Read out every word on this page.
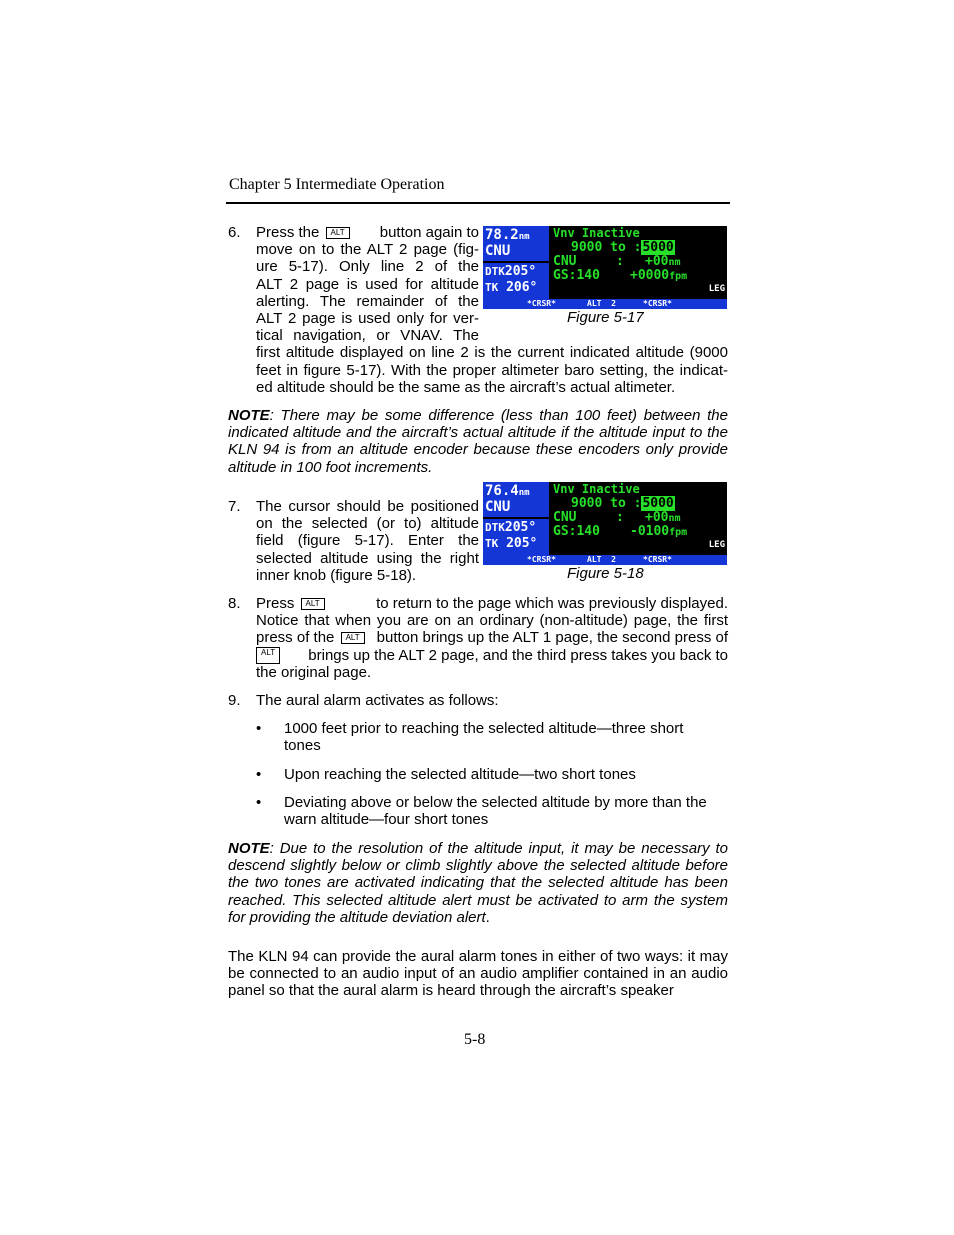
Chapter 5 Intermediate Operation
6. Press the ALT	button again to
move on to the ALT 2 page (fig-
ure 5-17). Only line 2 of the
ALT 2 page is used for altitude
alerting. The remainder of the
ALT 2 page is used only for ver-
tical navigation, or VNAV. The
first altitude displayed on line 2 is the current indicated altitude (9000
feet in figure 5-17). With the proper altimeter baro setting, the indicat-
ed altitude should be the same as the aircraft’s actual altimeter.
78.2nm
CNU
DTK205°
TK 206°
Vnv Inactive
9000 to :5000
CNU	: +00nm
GS:140 +0000fpm
LEG
*CRSR*	ALT  2	*CRSR*
Figure 5-17
NOTE: There may be some difference (less than 100 feet) between the indicated altitude and the aircraft’s actual altitude if the altitude input to the KLN 94 is from an altitude encoder because these encoders only provide altitude in 100 foot increments.
76.4nm
CNU
DTK205°
TK 205°
Vnv Inactive
9000 to :5000
CNU	: +00nm
GS:140 -0100fpm
LEG
*CRSR*	ALT  2	*CRSR*
Figure 5-18
7. The cursor should be positioned
on the selected (or to) altitude
field (figure 5-17). Enter the
selected altitude using the right
inner knob (figure 5-18).
8. Press ALT	to return to the page which was previously displayed.
Notice that when you are on an ordinary (non-altitude) page, the first
press of the ALT	button brings up the ALT 1 page, the second press of
ALT	brings up the ALT 2 page, and the third press takes you back to
the original page.
9. The aural alarm activates as follows:
• 1000 feet prior to reaching the selected altitude—three short
tones
• Upon reaching the selected altitude—two short tones
• Deviating above or below the selected altitude by more than the
warn altitude—four short tones
NOTE: Due to the resolution of the altitude input, it may be necessary to descend slightly below or climb slightly above the selected altitude before the two tones are activated indicating that the selected altitude has been reached. This selected altitude alert must be activated to arm the system for providing the altitude deviation alert.
The KLN 94 can provide the aural alarm tones in either of two ways: it may be connected to an audio input of an audio amplifier contained in an audio panel so that the aural alarm is heard through the aircraft’s speaker
5-8
